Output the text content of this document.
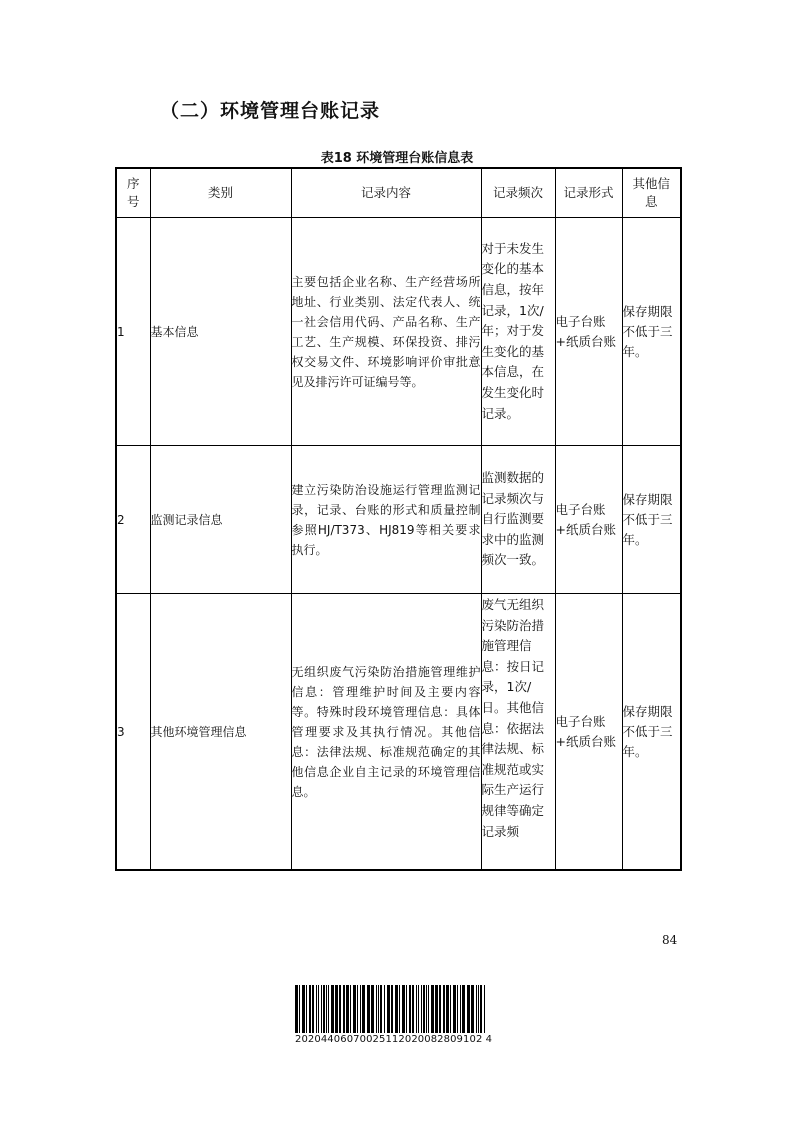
（二）环境管理台账记录
表18 环境管理台账信息表
序号	类别	记录内容	记录频次	记录形式	其他信息
1	基本信息	主要包括企业名称、生产经营场所地址、行业类别、法定代表人、统一社会信用代码、产品名称、生产工艺、生产规模、环保投资、排污权交易文件、环境影响评价审批意见及排污许可证编号等。	对于未发生变化的基本信息，按年记录，1次/年；对于发生变化的基本信息，在发生变化时记录。	电子台账+纸质台账	保存期限不低于三年。
2	监测记录信息	建立污染防治设施运行管理监测记录，记录、台账的形式和质量控制参照HJ/T373、HJ819等相关要求执行。	监测数据的记录频次与自行监测要求中的监测频次一致。	电子台账+纸质台账	保存期限不低于三年。
3	其他环境管理信息	无组织废气污染防治措施管理维护信息：管理维护时间及主要内容等。特殊时段环境管理信息：具体管理要求及其执行情况。其他信息：法律法规、标准规范确定的其他信息企业自主记录的环境管理信息。	废气无组织污染防治措施管理信息：按日记录，1次/日。其他信息：依据法律法规、标准规范或实际生产运行规律等确定记录频	电子台账+纸质台账	保存期限不低于三年。
84
20204406070025112020082809102 4
